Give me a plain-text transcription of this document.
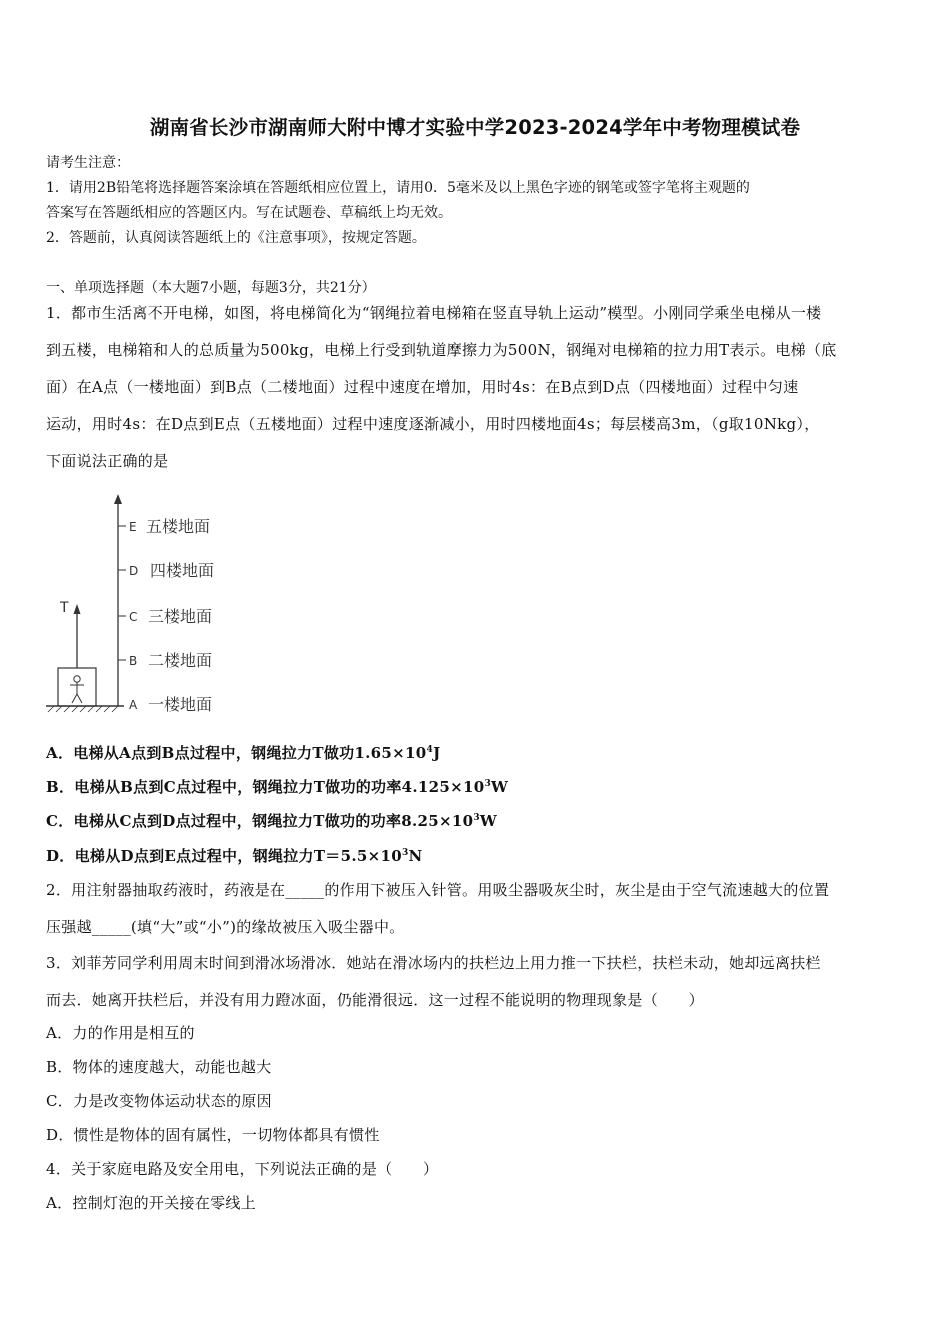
湖南省长沙市湖南师大附中博才实验中学2023-2024学年中考物理模试卷
请考生注意：
1．请用2B铅笔将选择题答案涂填在答题纸相应位置上，请用0．5毫米及以上黑色字迹的钢笔或签字笔将主观题的
答案写在答题纸相应的答题区内。写在试题卷、草稿纸上均无效。
2．答题前，认真阅读答题纸上的《注意事项》，按规定答题。
一、单项选择题（本大题7小题，每题3分，共21分）
1．都市生活离不开电梯，如图，将电梯简化为“钢绳拉着电梯箱在竖直导轨上运动”模型。小刚同学乘坐电梯从一楼
到五楼，电梯箱和人的总质量为500kg，电梯上行受到轨道摩擦力为500N，钢绳对电梯箱的拉力用T表示。电梯（底
面）在A点（一楼地面）到B点（二楼地面）过程中速度在增加，用时4s：在B点到D点（四楼地面）过程中匀速
运动，用时4s：在D点到E点（五楼地面）过程中速度逐渐减小，用时四楼地面4s；每层楼高3m，（g取10Nkg），
下面说法正确的是
T
E 五楼地面
D 四楼地面
C 三楼地面
B 二楼地面
A 一楼地面
A．电梯从A点到B点过程中，钢绳拉力T做功$1.65\times 10^4J$
B．电梯从B点到C点过程中，钢绳拉力T做功的功率$4.125\times 10^3W$
C．电梯从C点到D点过程中，钢绳拉力T做功的功率$8.25\times 10^3W$
D．电梯从D点到E点过程中，钢绳拉力$T=5.5\times 10^3N$
2．用注射器抽取药液时，药液是在_____的作用下被压入针管。用吸尘器吸灰尘时，灰尘是由于空气流速越大的位置
压强越_____(填“大”或“小”)的缘故被压入吸尘器中。
3．刘菲芳同学利用周末时间到滑冰场滑冰．她站在滑冰场内的扶栏边上用力推一下扶栏，扶栏未动，她却远离扶栏
而去．她离开扶栏后，并没有用力蹬冰面，仍能滑很远．这一过程不能说明的物理现象是（　　）
A．力的作用是相互的
B．物体的速度越大，动能也越大
C．力是改变物体运动状态的原因
D．惯性是物体的固有属性，一切物体都具有惯性
4．关于家庭电路及安全用电，下列说法正确的是（　　）
A．控制灯泡的开关接在零线上
